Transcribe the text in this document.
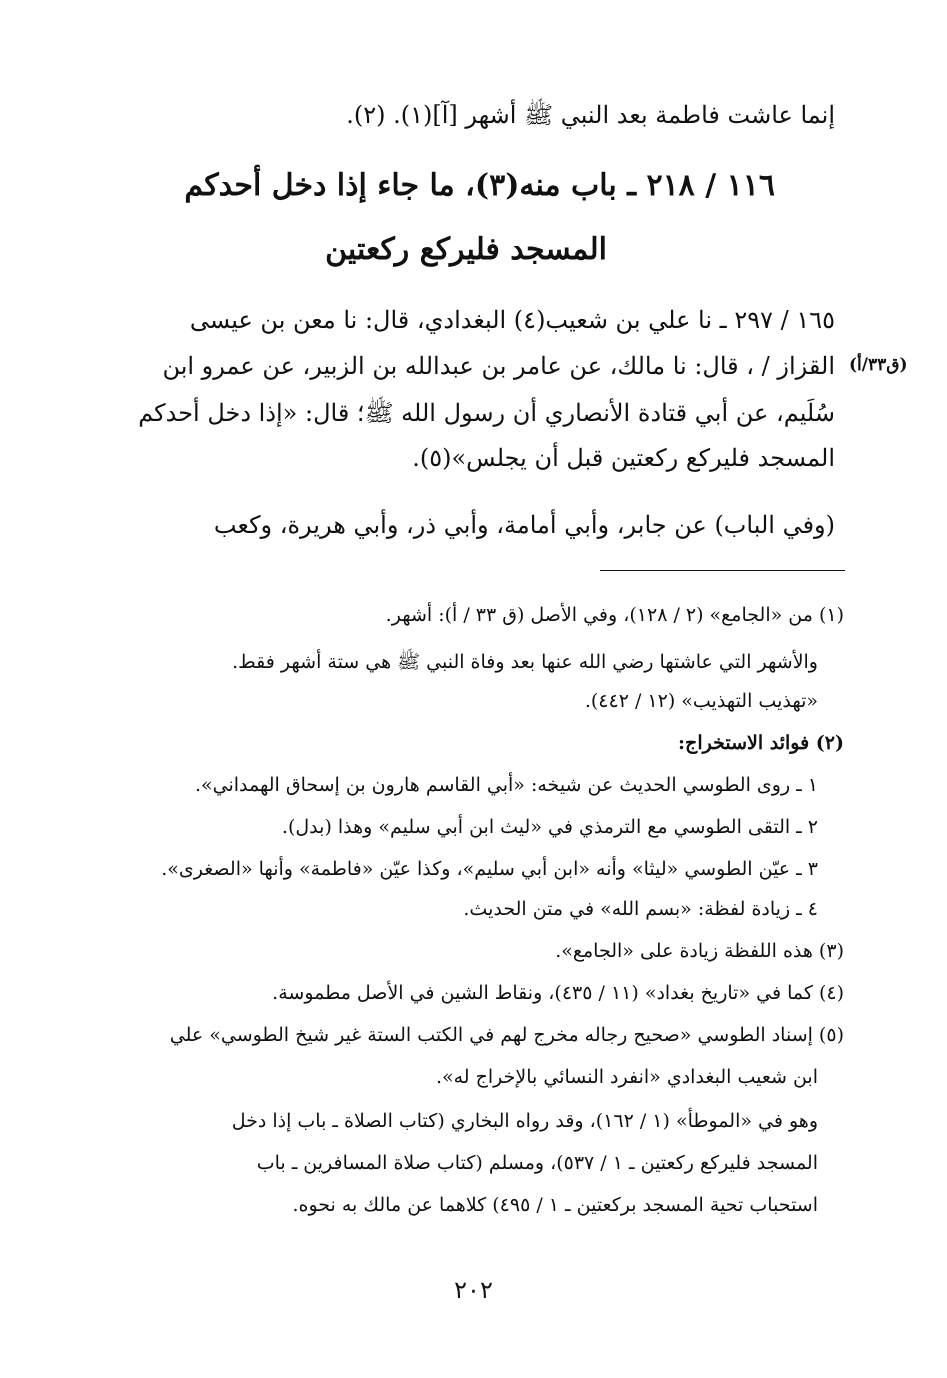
إنما عاشت فاطمة بعد النبي ﷺ أشهر [آ](١). (٢).
١١٦ / ٢١٨ ـ باب منه(٣)، ما جاء إذا دخل أحدكم
المسجد فليركع ركعتين
١٦٥ / ٢٩٧ ـ نا علي بن شعيب(٤) البغدادي، قال: نا معن بن عيسى
(ق٣٣/أ)
القزاز / ، قال: نا مالك، عن عامر بن عبدالله بن الزبير، عن عمرو ابن
سُلَيم، عن أبي قتادة الأنصاري أن رسول الله ﷺ؛ قال: «إذا دخل أحدكم
المسجد فليركع ركعتين قبل أن يجلس»(٥).
(وفي الباب) عن جابر، وأبي أمامة، وأبي ذر، وأبي هريرة، وكعب
(١) من «الجامع» (٢ / ١٢٨)، وفي الأصل (ق ٣٣ / أ): أشهر.
والأشهر التي عاشتها رضي الله عنها بعد وفاة النبي ﷺ هي ستة أشهر فقط.
«تهذيب التهذيب» (١٢ / ٤٤٢).
(٢) فوائد الاستخراج:
١ ـ روى الطوسي الحديث عن شيخه: «أبي القاسم هارون بن إسحاق الهمداني».
٢ ـ التقى الطوسي مع الترمذي في «ليث ابن أبي سليم» وهذا (بدل).
٣ ـ عيّن الطوسي «ليثا» وأنه «ابن أبي سليم»، وكذا عيّن «فاطمة» وأنها «الصغرى».
٤ ـ زيادة لفظة: «بسم الله» في متن الحديث.
(٣) هذه اللفظة زيادة على «الجامع».
(٤) كما في «تاريخ بغداد» (١١ / ٤٣٥)، ونقاط الشين في الأصل مطموسة.
(٥) إسناد الطوسي «صحيح رجاله مخرج لهم في الكتب الستة غير شيخ الطوسي» علي
ابن شعيب البغدادي «انفرد النسائي بالإخراج له».
وهو في «الموطأ» (١ / ١٦٢)، وقد رواه البخاري (كتاب الصلاة ـ باب إذا دخل
المسجد فليركع ركعتين ـ ١ / ٥٣٧)، ومسلم (كتاب صلاة المسافرين ـ باب
استحباب تحية المسجد بركعتين ـ ١ / ٤٩٥) كلاهما عن مالك به نحوه.
٢٠٢
